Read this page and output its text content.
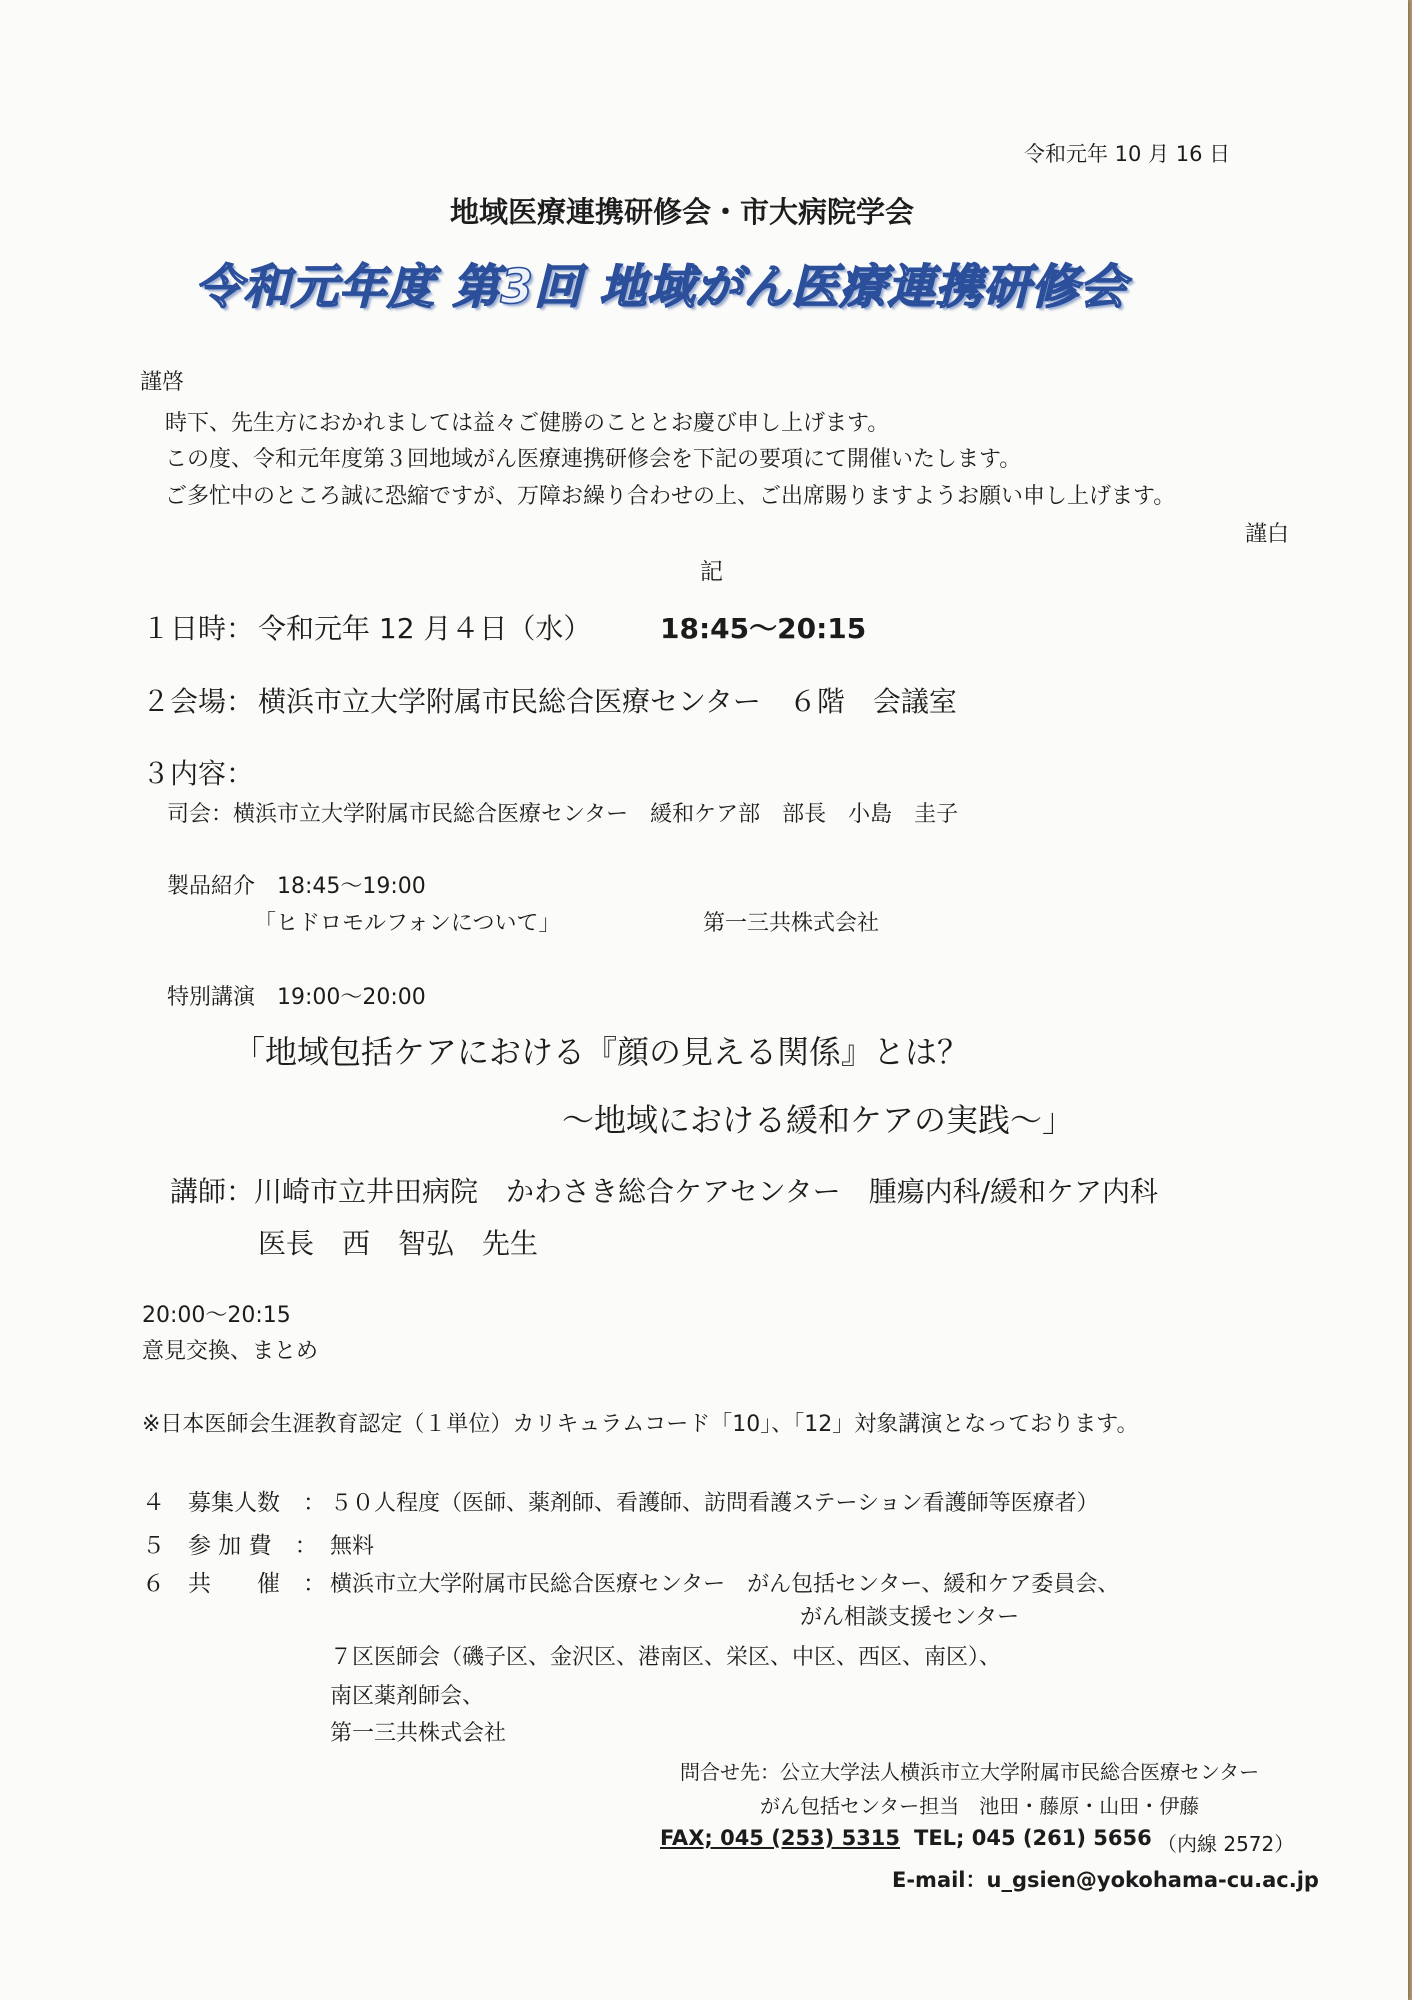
令和元年 10 月 16 日
地域医療連携研修会・市大病院学会
令和元年度 第3回 地域がん医療連携研修会
謹啓
時下、先生方におかれましては益々ご健勝のこととお慶び申し上げます。
この度、令和元年度第３回地域がん医療連携研修会を下記の要項にて開催いたします。
ご多忙中のところ誠に恐縮ですが、万障お繰り合わせの上、ご出席賜りますようお願い申し上げます。
謹白
記
１日時： 令和元年 12 月４日（水） 18:45～20:15
２会場： 横浜市立大学附属市民総合医療センター　６階　会議室
３内容：
司会：横浜市立大学附属市民総合医療センター　緩和ケア部　部長　小島　圭子
製品紹介　18:45～19:00
「ヒドロモルフォンについて」	第一三共株式会社
特別講演　19:00～20:00
「地域包括ケアにおける『顔の見える関係』とは？
～地域における緩和ケアの実践～」
講師：川崎市立井田病院　かわさき総合ケアセンター　腫瘍内科/緩和ケア内科
医長　西　智弘　先生
20:00～20:15
意見交換、まとめ
※日本医師会生涯教育認定（１単位）カリキュラムコード「10」、「12」対象講演となっております。
４　募集人数　： ５０人程度（医師、薬剤師、看護師、訪問看護ステーション看護師等医療者）
５　参 加 費　： 無料
６　共　　催　： 横浜市立大学附属市民総合医療センター　がん包括センター、緩和ケア委員会、
がん相談支援センター
７区医師会（磯子区、金沢区、港南区、栄区、中区、西区、南区）、
南区薬剤師会、
第一三共株式会社
問合せ先：公立大学法人横浜市立大学附属市民総合医療センター
がん包括センター担当　池田・藤原・山田・伊藤
FAX; 045 (253) 5315 TEL; 045 (261) 5656 （内線 2572）
E-mail：u_gsien@yokohama-cu.ac.jp
